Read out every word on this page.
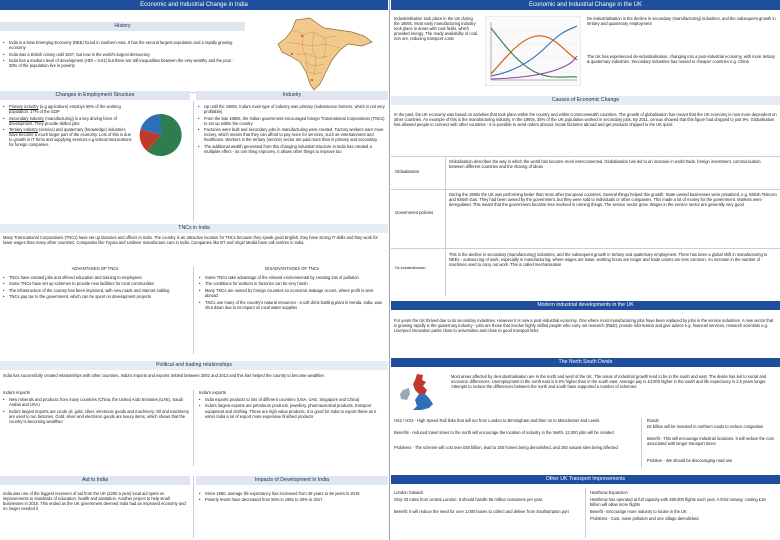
Economic and Industrial Change in India
History
• India is a New Emerging Economy (NEE) found in southern Asia. It has the second largest population and a rapidly growing economy
• India was a British colony until 1947, but now is the world's largest democracy
• India has a medium level of development (HDI = 0.61) but there are still inequalities between the very wealthy and the poor - 30% of the population live in poverty
Changes in Employment Structure	Industry
• Primary industry (e.g agriculture) employs 50% of the working population. 17% of the GDP
• Secondary industry (manufacturing) is a key driving force of development. They provide skilled jobs
• Tertiary industry (service) and quaternary (knowledge) industries have become a much larger part of the economy. Lots of this is due to growth in IT firms and supplying services e.g telecommunications for foreign companies
• Up until the 1980s, India's main type of industry was primary (subsistence farmers, which is not very profitable)
• From the late 1980s, the Indian government encouraged foreign Transnational Corporations (TNCs) to set up within the country
• Factories were built and secondary jobs in manufacturing were created. Factory workers earn more money, which means that they can afford to pay more for services, such as entertainment and healthcare. Workers in the tertiary (service) sector are paid more than in primary and secondary
• The additional wealth generated from this changing industrial structure in India has created a multiplier effect - as one thing improves, it allows other things to improve too
TNCs in India
Many Transnational Corporations (TNCs) have set up factories and offices in India. The country is an attractive location for TNCs because they speak good English, they have strong IT skills and they work for lower wages than many other countries. Companies like Toyota and Unilever manufacture cars in India. Companies like BT and Virgin Media have call centres in India.
ADVANTAGES OF TNCs	DISADVANTAGES OF TNCs
• TNCs have created jobs and offered education and training to employees
• Some TNCs have set up schemes to provide new facilities for local communities
• The infrastructure of the country has been improved, with new roads and internet cabling
• TNCs pay tax to the government, which can be spent on development projects
• Some TNCs take advantage of the relaxed environmental by creating lots of pollution
• The conditions for workers in factories can be very harsh
• Many TNCs are owned by foreign countries so economic leakage occurs, where profit is sent abroad
• TNCs use many of the country's natural resources - a soft drink bottling plant in Kerala, India, was shut down due to its impact on local water supplies
Political and trading relationships
India has successfully created relationships with other countries. India's imports and exports trebled between 2002 and 2012 and this has helped the country to become wealthier.
India's imports	India's exports
• New minerals and products from many countries (China, the United Arab Emirates (UAE), Saudi Arabia and USA)
• India's largest imports are crude oil, gold, silver, electronic goods and machinery. Oil and machinery are used to run factories. Gold, silver and electronic goods are luxury items, which shows that the country is becoming wealthier
• India exports products to lots of different countries (USA, UAE, Singapore and China)
• India's largest exports are petroleum products, jewellery, pharmaceutical products, transport equipment and clothing. These are high value products. It is good for India to export these as it earns India a lot of export more expensive finished products
Aid to India	Impacts of Development in India
India was one of the biggest receivers of aid from the UK (£200 a year) local aid spent on improvements to standards of education, health and sanitation. Another project to help small businesses in 2015. This ended as the UK government deemed India had an improved economy and no longer needed it
• Since 1980, average life expectancy has increased from 48 years to 68 years in 2015
• Poverty levels have decreased from 50% in 1991 to 30% in 2017
Economic and Industrial Change in the UK
Industrialisation took place in the UK during the 1800s. Most early manufacturing industry took place in areas with coal fields, which provided energy. The ready availability of coal, iron ore, reducing transport costs
De-industrialisation is the decline in secondary (manufacturing) industries, and the subsequent growth in tertiary and quaternary employment
The UK has experienced de-industrialisation, changing into a post-industrial economy, with more tertiary & quaternary industries. Secondary industries has moved to cheaper countries e.g. China
Causes of Economic Change
In the past, the UK economy was based on activities that took place within the country and within Commonwealth countries. The growth of globalisation has meant that the UK economy is now more dependent on other countries. An example of this is the manufacturing industry. In the 1960s, 35% of the UK population worked in secondary jobs. By 2011, census showed that this figure had dropped to just 9%. Globalisation has allowed people to connect with other countries - it is possible to send orders abroad, locate factories abroad and get products shipped to the UK quick
Globalisation
Globalisation describes the way in which the world has become more interconnected. Globalisation has led to an increase in world trade, foreign investment, communication between different countries and the sharing of ideas
Government policies
During the 1980s the UK was performing better than most other European countries. Several things helped this growth. State-owned businesses were privatised, e.g. British Telecom and British Gas. They had been owned by the government, but they were sold to individuals or other companies. This made a lot of money for the government. Markets were deregulated. This meant that the government became less involved in running things. The service sector grew. Wages in the service sector are generally very good
De-industrialisation
This is the decline in secondary (manufacturing) industries, and the subsequent growth in tertiary and quaternary employment. There has been a global shift in manufacturing to NEEs - outsourcing of work, especially in manufacturing, where wages are lower, working hours are longer and trade unions are less common. An increase in the number of machines used to carry out work. This is called mechanisation
Modern industrial developments in the UK
For years the UK thrived due to its secondary industries. However it is now a post-industrial economy. One where most manufacturing jobs have been replaced by jobs in the service industries. A new sector that is growing rapidly is the quaternary industry - jobs are those that involve highly skilled people who carry out research (R&D), provide information and give advice e.g. financial services, research scientists e.g. Liverpool innovation parks close to universities and close to good transport links
The North South Divide
Most areas affected by de-industrialisation are in the north and west of the UK. The areas of industrial growth tend to be in the south and east. The divide has led to social and economic differences. Unemployment in the north east is 9.9% higher than in the south east. Average pay is £4,000 higher in the south and life expectancy is 2.5 years longer. Attempts to reduce the differences between the north and south have supported a number of schemes:
HS2 / HS3 - High Speed Rail links that will run from London to Birmingham and then on to Manchester and Leeds
Benefits - reduced travel times to the north will encourage the location of industry in the North. 12,000 jobs will be created
Problems - The scheme will cost over £50 billion, lead to 150 homes being demolished, and 250 natural sites being affected
Roads
£8 billion will be invested in northern roads to reduce congestion
Benefit - This will encourage industrial locations. It will reduce the cost associated with longer transport times
Problem - We should be discouraging road use
Other UK Transport Improvements
London Gatwick
Only 30 miles from central London. It should handle 55 million customers per year.
Benefit: It will reduce the need for over 1,000 buses to collect and deliver from Southampton port
Heathrow Expansion
Heathrow has operated at full capacity with 480,000 flights each year. A third runway, costing £18 billion will allow more flights
Benefit - Encourage more industry to locate in the UK
Problems - Cost, noise pollution and one village demolished
